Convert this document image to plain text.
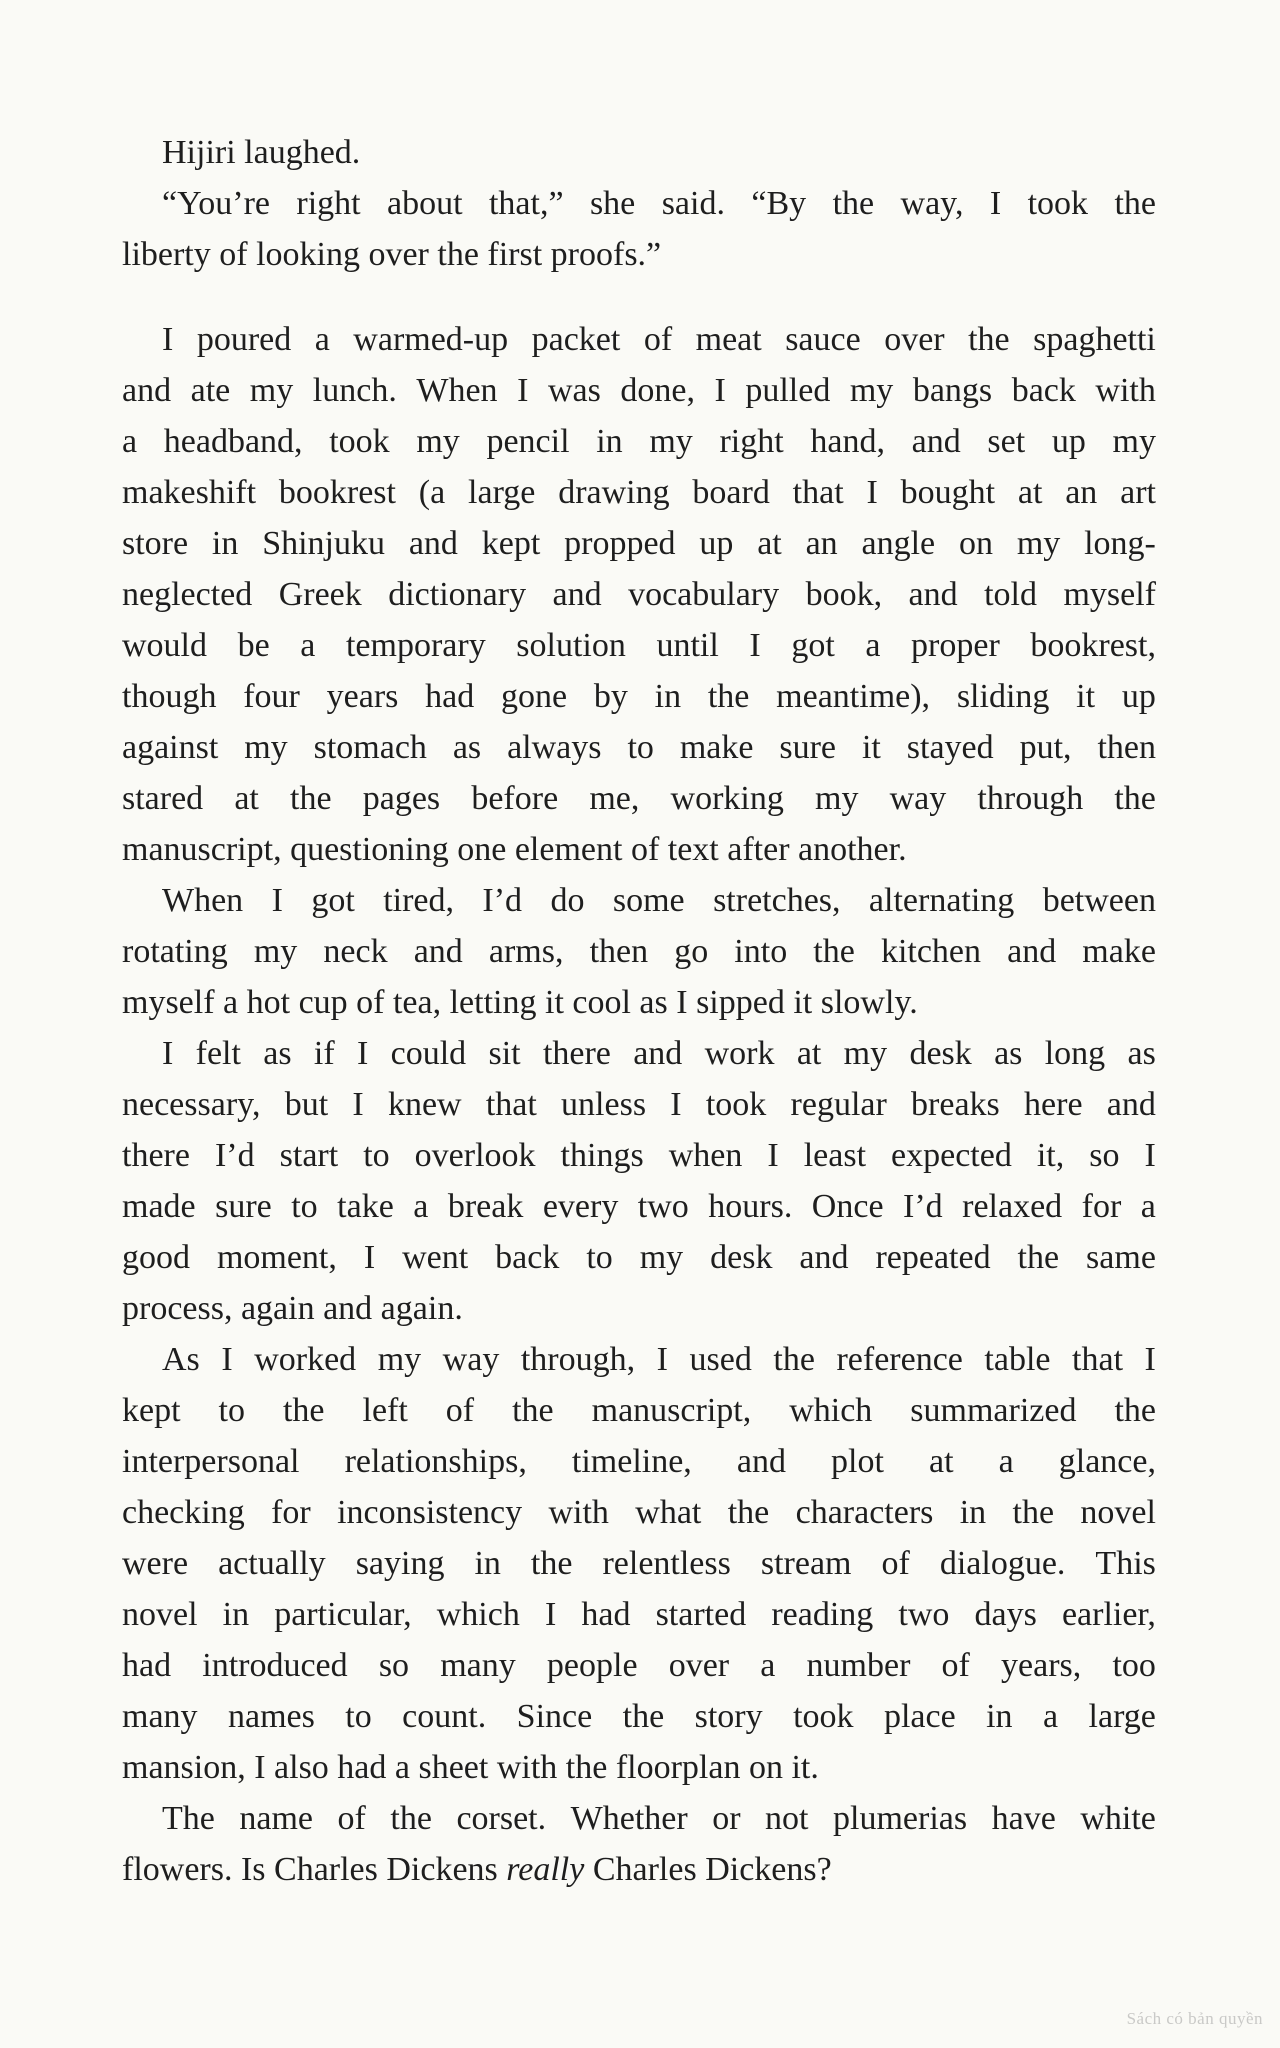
Hijiri laughed.
“You’re right about that,” she said. “By the way, I took the
liberty of looking over the first proofs.”
I poured a warmed-up packet of meat sauce over the spaghetti
and ate my lunch. When I was done, I pulled my bangs back with
a headband, took my pencil in my right hand, and set up my
makeshift bookrest (a large drawing board that I bought at an art
store in Shinjuku and kept propped up at an angle on my long-
neglected Greek dictionary and vocabulary book, and told myself
would be a temporary solution until I got a proper bookrest,
though four years had gone by in the meantime), sliding it up
against my stomach as always to make sure it stayed put, then
stared at the pages before me, working my way through the
manuscript, questioning one element of text after another.
When I got tired, I’d do some stretches, alternating between
rotating my neck and arms, then go into the kitchen and make
myself a hot cup of tea, letting it cool as I sipped it slowly.
I felt as if I could sit there and work at my desk as long as
necessary, but I knew that unless I took regular breaks here and
there I’d start to overlook things when I least expected it, so I
made sure to take a break every two hours. Once I’d relaxed for a
good moment, I went back to my desk and repeated the same
process, again and again.
As I worked my way through, I used the reference table that I
kept to the left of the manuscript, which summarized the
interpersonal relationships, timeline, and plot at a glance,
checking for inconsistency with what the characters in the novel
were actually saying in the relentless stream of dialogue. This
novel in particular, which I had started reading two days earlier,
had introduced so many people over a number of years, too
many names to count. Since the story took place in a large
mansion, I also had a sheet with the floorplan on it.
The name of the corset. Whether or not plumerias have white
flowers. Is Charles Dickens really Charles Dickens?
Sách có bản quyền
